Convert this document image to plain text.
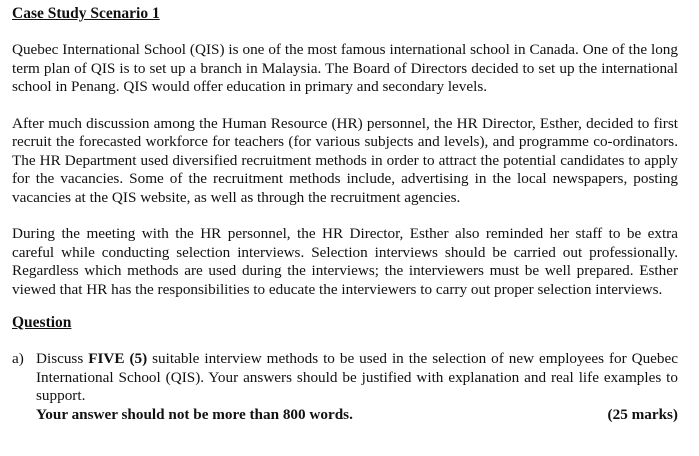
Case Study Scenario 1

Quebec International School (QIS) is one of the most famous international school in Canada. One of the long term plan of QIS is to set up a branch in Malaysia. The Board of Directors decided to set up the international school in Penang. QIS would offer education in primary and secondary levels.

After much discussion among the Human Resource (HR) personnel, the HR Director, Esther, decided to first recruit the forecasted workforce for teachers (for various subjects and levels), and programme co-ordinators. The HR Department used diversified recruitment methods in order to attract the potential candidates to apply for the vacancies. Some of the recruitment methods include, advertising in the local newspapers, posting vacancies at the QIS website, as well as through the recruitment agencies.

During the meeting with the HR personnel, the HR Director, Esther also reminded her staff to be extra careful while conducting selection interviews. Selection interviews should be carried out professionally. Regardless which methods are used during the interviews; the interviewers must be well prepared. Esther viewed that HR has the responsibilities to educate the interviewers to carry out proper selection interviews.

Question
a) Discuss FIVE (5) suitable interview methods to be used in the selection of new employees for Quebec International School (QIS). Your answers should be justified with explanation and real life examples to support.
Your answer should not be more than 800 words.	(25 marks)
